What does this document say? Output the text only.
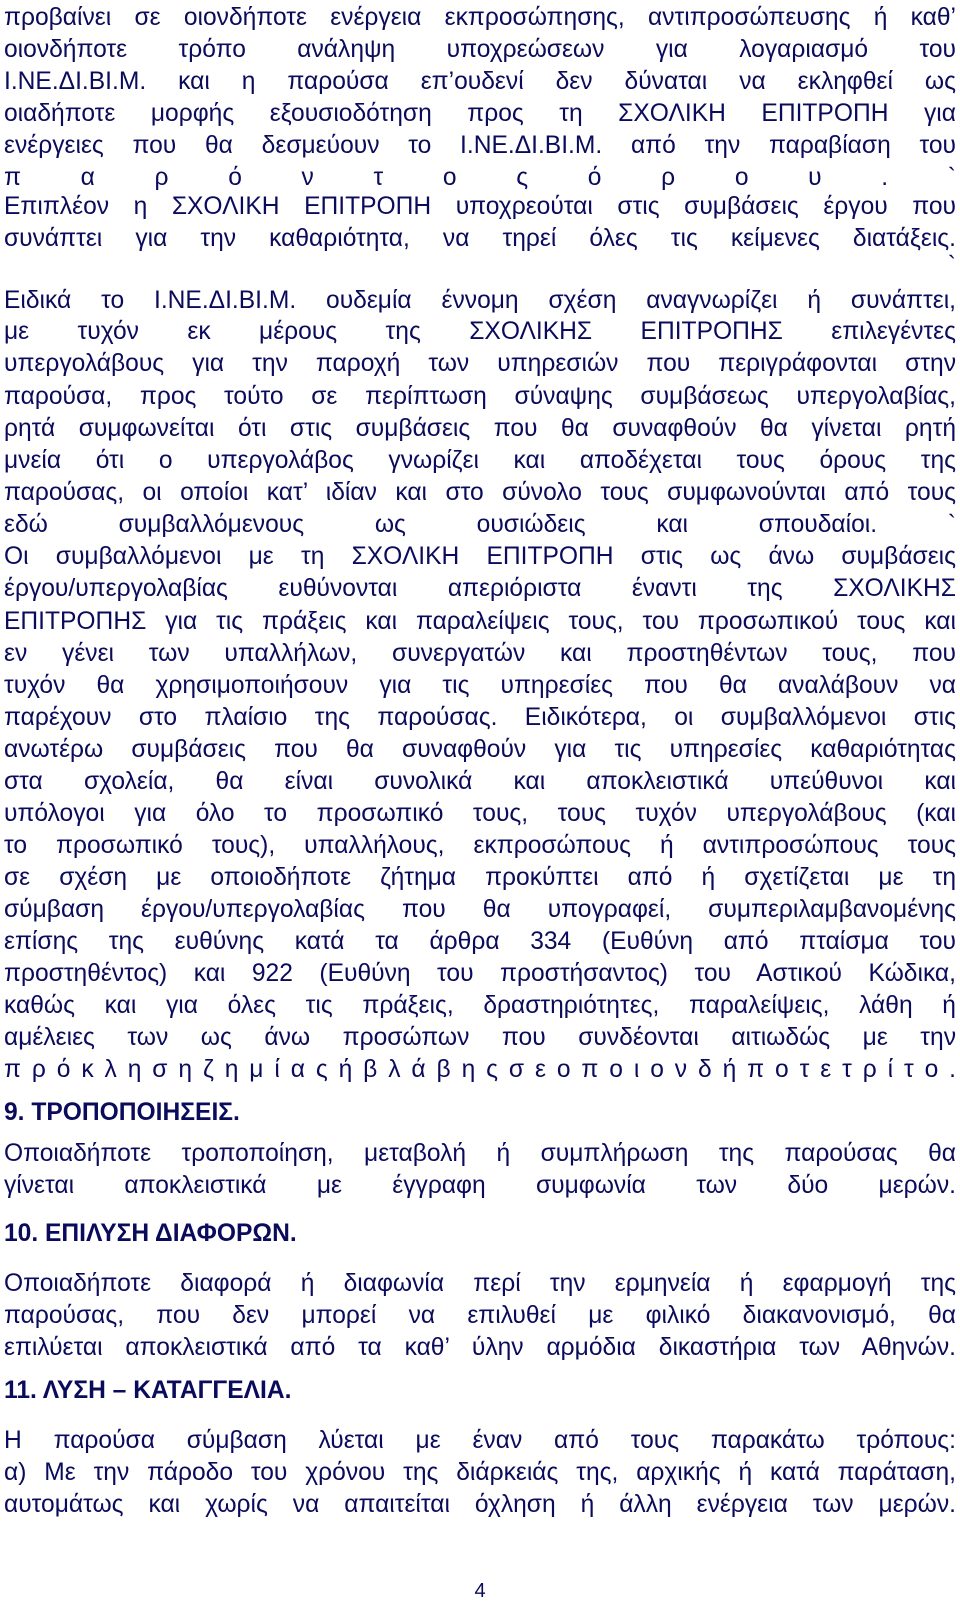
προβαίνει σε οιονδήποτε ενέργεια εκπροσώπησης, αντιπροσώπευσης ή καθ’
οιονδήποτε τρόπο ανάληψη υποχρεώσεων για λογαριασμό του
Ι.ΝΕ.ΔΙ.ΒΙ.Μ. και η παρούσα επ’ουδενί δεν δύναται να εκληφθεί ως
οιαδήποτε μορφής εξουσιοδότηση προς τη ΣΧΟΛΙΚΗ ΕΠΙΤΡΟΠΗ για
ενέργειες που θα δεσμεύουν το Ι.ΝΕ.ΔΙ.ΒΙ.Μ. από την παραβίαση του
π α ρ ό ν τ ο ς ό ρ ο υ . `
Επιπλέον η ΣΧΟΛΙΚΗ ΕΠΙΤΡΟΠΗ υποχρεούται στις συμβάσεις έργου που
συνάπτει για την καθαριότητα, να τηρεί όλες τις κείμενες διατάξεις.
`
Ειδικά το Ι.ΝΕ.ΔΙ.ΒΙ.Μ. ουδεμία έννομη σχέση αναγνωρίζει ή συνάπτει,
με τυχόν εκ μέρους της ΣΧΟΛΙΚΗΣ ΕΠΙΤΡΟΠΗΣ επιλεγέντες
υπεργολάβους για την παροχή των υπηρεσιών που περιγράφονται στην
παρούσα, προς τούτο σε περίπτωση σύναψης συμβάσεως υπεργολαβίας,
ρητά συμφωνείται ότι στις συμβάσεις που θα συναφθούν θα γίνεται ρητή
μνεία ότι ο υπεργολάβος γνωρίζει και αποδέχεται τους όρους της
παρούσας, οι οποίοι κατ’ ιδίαν και στο σύνολο τους συμφωνούνται από τους
εδώ συμβαλλόμενους ως ουσιώδεις και σπουδαίοι. `
Οι συμβαλλόμενοι με τη ΣΧΟΛΙΚΗ ΕΠΙΤΡΟΠΗ στις ως άνω συμβάσεις
έργου/υπεργολαβίας ευθύνονται απεριόριστα έναντι της ΣΧΟΛΙΚΗΣ
ΕΠΙΤΡΟΠΗΣ για τις πράξεις και παραλείψεις τους, του προσωπικού τους και
εν γένει των υπαλλήλων, συνεργατών και προστηθέντων τους, που
τυχόν θα χρησιμοποιήσουν για τις υπηρεσίες που θα αναλάβουν να
παρέχουν στο πλαίσιο της παρούσας. Ειδικότερα, οι συμβαλλόμενοι στις
ανωτέρω συμβάσεις που θα συναφθούν για τις υπηρεσίες καθαριότητας
στα σχολεία, θα είναι συνολικά και αποκλειστικά υπεύθυνοι και
υπόλογοι για όλο το προσωπικό τους, τους τυχόν υπεργολάβους (και
το προσωπικό τους), υπαλλήλους, εκπροσώπους ή αντιπροσώπους τους
σε σχέση με οποιοδήποτε ζήτημα προκύπτει από ή σχετίζεται με τη
σύμβαση έργου/υπεργολαβίας που θα υπογραφεί, συμπεριλαμβανομένης
επίσης της ευθύνης κατά τα άρθρα 334 (Ευθύνη από πταίσμα του
προστηθέντος) και 922 (Ευθύνη του προστήσαντος) του Αστικού Κώδικα,
καθώς και για όλες τις πράξεις, δραστηριότητες, παραλείψεις, λάθη ή
αμέλειες των ως άνω προσώπων που συνδέονται αιτιωδώς με την
π ρ ό κ λ η σ η ζ η μ ί α ς ή β λ ά β η ς σ ε ο π ο ι ο ν δ ή π ο τ ε τ ρ ί τ ο .
9. ΤΡΟΠΟΠΟΙΗΣΕΙΣ.
Οποιαδήποτε τροποποίηση, μεταβολή ή συμπλήρωση της παρούσας θα
γίνεται αποκλειστικά με έγγραφη συμφωνία των δύο μερών.
10. ΕΠΙΛΥΣΗ ΔΙΑΦΟΡΩΝ.
Οποιαδήποτε διαφορά ή διαφωνία περί την ερμηνεία ή εφαρμογή της
παρούσας, που δεν μπορεί να επιλυθεί με φιλικό διακανονισμό, θα
επιλύεται αποκλειστικά από τα καθ’ ύλην αρμόδια δικαστήρια των Αθηνών.
11. ΛΥΣΗ – ΚΑΤΑΓΓΕΛΙΑ.
Η παρούσα σύμβαση λύεται με έναν από τους παρακάτω τρόπους:
α) Με την πάροδο του χρόνου της διάρκειάς της, αρχικής ή κατά παράταση,
αυτομάτως και χωρίς να απαιτείται όχληση ή άλλη ενέργεια των μερών.
4
